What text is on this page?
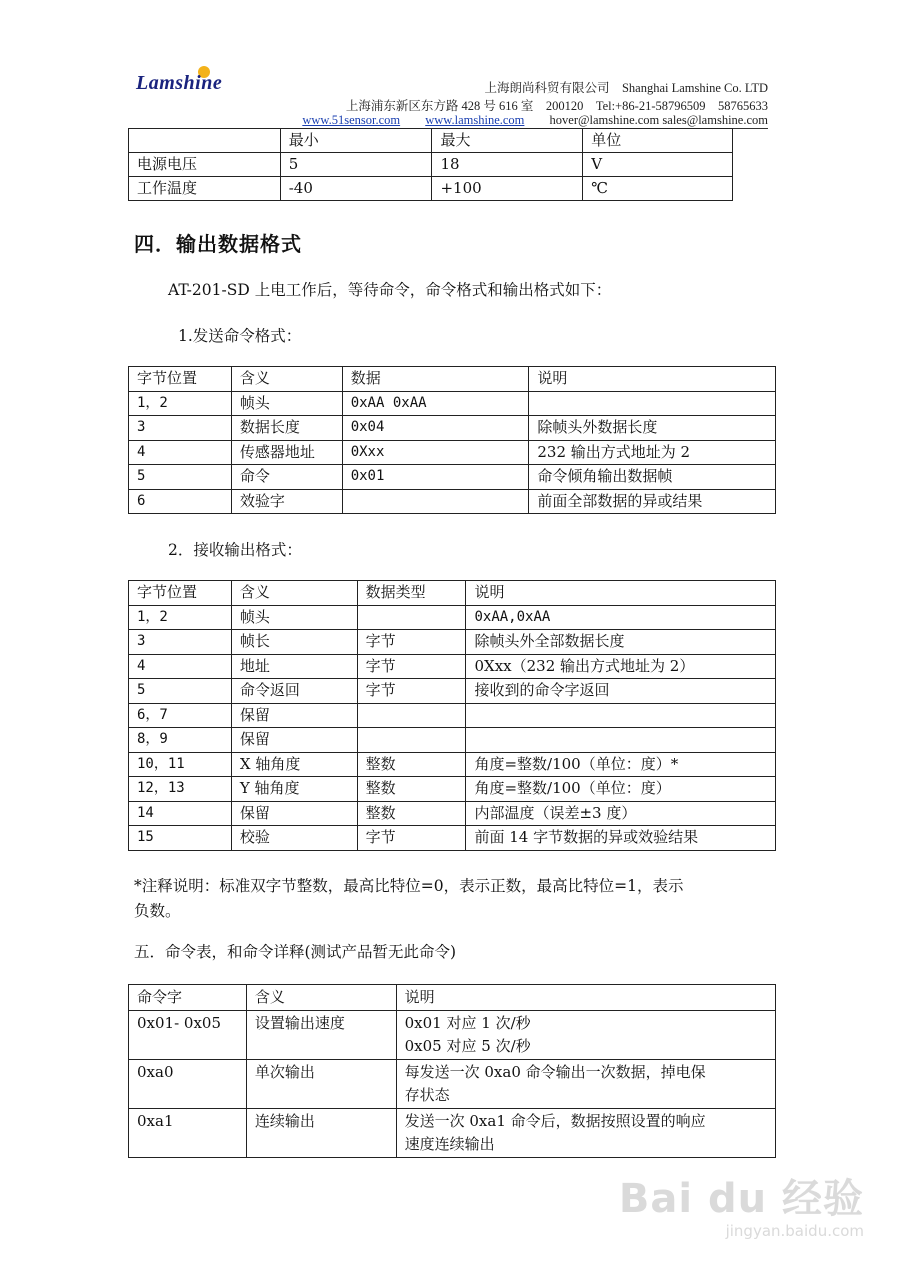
Lamshine	上海朗尚科贸有限公司　Shanghai Lamshine Co. LTD
上海浦东新区东方路 428 号 616 室　200120　Tel:+86-21-58796509　58765633
www.51sensor.com www.lamshine.com hover@lamshine.com sales@lamshine.com
	最小	最大	单位
电源电压	5	18	V
工作温度	-40	+100	℃
四．输出数据格式
AT-201-SD 上电工作后，等待命令，命令格式和输出格式如下：
1.发送命令格式：
字节位置	含义	数据	说明
1，2	帧头	0xAA 0xAA	
3	数据长度	0x04	除帧头外数据长度
4	传感器地址	0Xxx	232 输出方式地址为 2
5	命令	0x01	命令倾角输出数据帧
6	效验字		前面全部数据的异或结果
2．接收输出格式：
字节位置	含义	数据类型	说明
1，2	帧头		0xAA,0xAA
3	帧长	字节	除帧头外全部数据长度
4	地址	字节	0Xxx（232 输出方式地址为 2）
5	命令返回	字节	接收到的命令字返回
6，7	保留		
8，9	保留		
10，11	X 轴角度	整数	角度=整数/100（单位：度）*
12，13	Y 轴角度	整数	角度=整数/100（单位：度）
14	保留	整数	内部温度（误差±3 度）
15	校验	字节	前面 14 字节数据的异或效验结果
*注释说明：标准双字节整数，最高比特位=0，表示正数，最高比特位=1，表示
负数。
五．命令表，和命令详释(测试产品暂无此命令)
命令字	含义	说明
0x01- 0x05	设置输出速度	0x01 对应 1 次/秒
0x05 对应 5 次/秒

0xa0	单次输出	每发送一次 0xa0 命令输出一次数据，掉电保
存状态

0xa1	连续输出	发送一次 0xa1 命令后，数据按照设置的响应
速度连续输出
Bai du 经验
jingyan.baidu.com
